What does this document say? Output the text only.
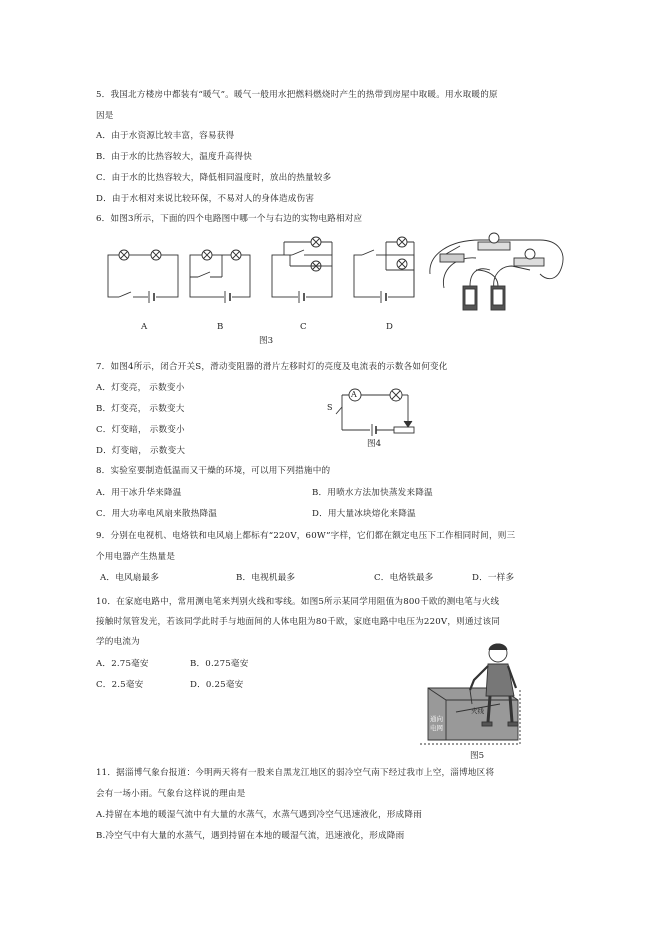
5．我国北方楼房中都装有“暖气”。暖气一般用水把燃料燃烧时产生的热带到房屋中取暖。用水取暖的原
因是
A．由于水资源比较丰富，容易获得
B．由于水的比热容较大，温度升高得快
C．由于水的比热容较大，降低相同温度时，放出的热量较多
D．由于水相对来说比较环保，不易对人的身体造成伤害
6．如图3所示，下面的四个电路图中哪一个与右边的实物电路相对应
A	B	C	D
图3
7．如图4所示，闭合开关S，滑动变阻器的滑片左移时灯的亮度及电流表的示数各如何变化
A．灯变亮， 示数变小
B．灯变亮， 示数变大
C．灯变暗， 示数变小
D．灯变暗， 示数变大
A
S
图4
8．实验室要制造低温而又干燥的环境，可以用下列措施中的
A．用干冰升华来降温	B．用喷水方法加快蒸发来降温
C．用大功率电风扇来散热降温	D．用大量冰块熔化来降温
9．分别在电视机、电烙铁和电风扇上都标有“220V，60W”字样，它们都在额定电压下工作相同时间，则三
个用电器产生热量是
A．电风扇最多	B．电视机最多	C．电烙铁最多	D．一样多
10．在家庭电路中，常用测电笔来判别火线和零线。如图5所示某同学用阻值为800千欧的测电笔与火线
接触时氖管发光，若该同学此时手与地面间的人体电阻为80千欧，家庭电路中电压为220V，则通过该同
学的电流为
A．2.75毫安	B．0.275毫安
C．2.5毫安	D．0.25毫安
火线
通向
电网
图5
11．据淄博气象台报道：今明两天将有一股来自黑龙江地区的弱冷空气南下经过我市上空，淄博地区将
会有一场小雨。气象台这样说的理由是
A.持留在本地的暖湿气流中有大量的水蒸气，水蒸气遇到冷空气迅速液化，形成降雨
B.冷空气中有大量的水蒸气，遇到持留在本地的暖湿气流，迅速液化，形成降雨
